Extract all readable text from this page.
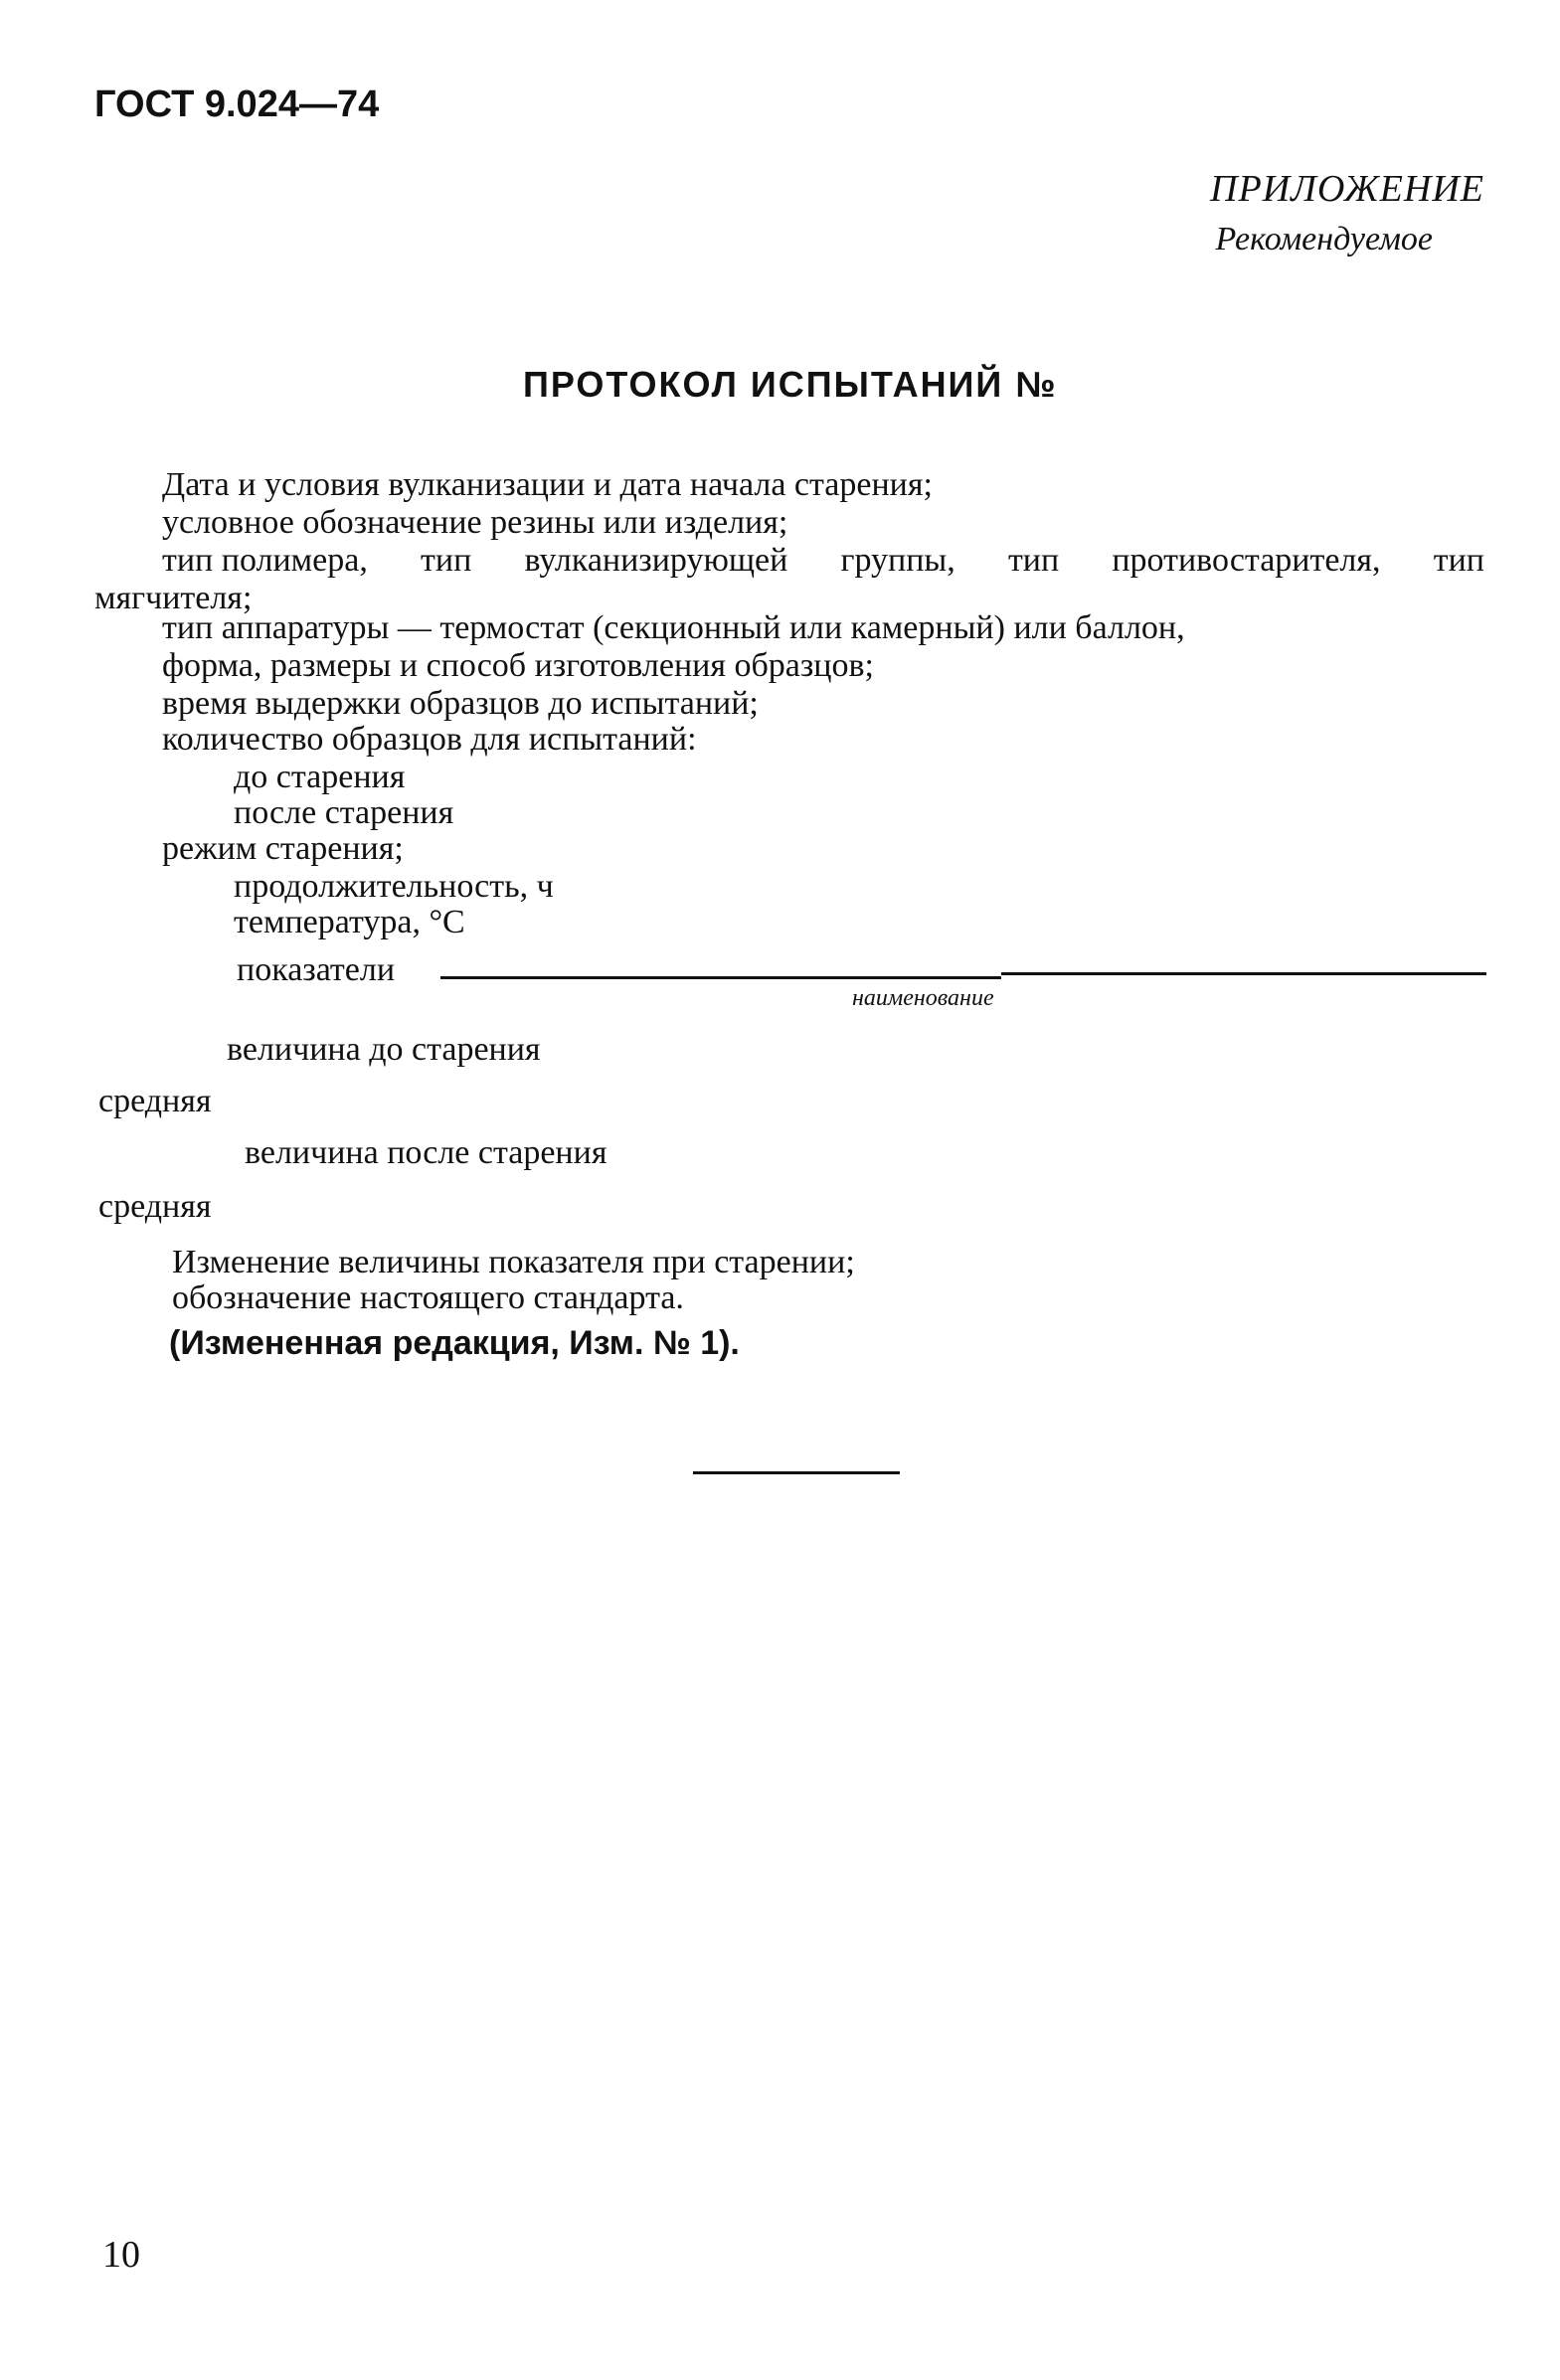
ГОСТ 9.024—74
ПРИЛОЖЕНИЕ
Рекомендуемое
ПРОТОКОЛ ИСПЫТАНИЙ №
Дата и условия вулканизации и дата начала старения;
условное обозначение резины или изделия;
тип полимера, тип вулканизирующей группы, тип противостарителя, тип
мягчителя;
тип аппаратуры — термостат (секционный или камерный) или баллон,
форма, размеры и способ изготовления образцов;
время выдержки образцов до испытаний;
количество образцов для испытаний:
до старения
после старения
режим старения;
продолжительность, ч
температура, °С
показатели
наименование
величина до старения
средняя
величина после старения
средняя
Изменение величины показателя при старении;
обозначение настоящего стандарта.
(Измененная редакция, Изм. № 1).
10
